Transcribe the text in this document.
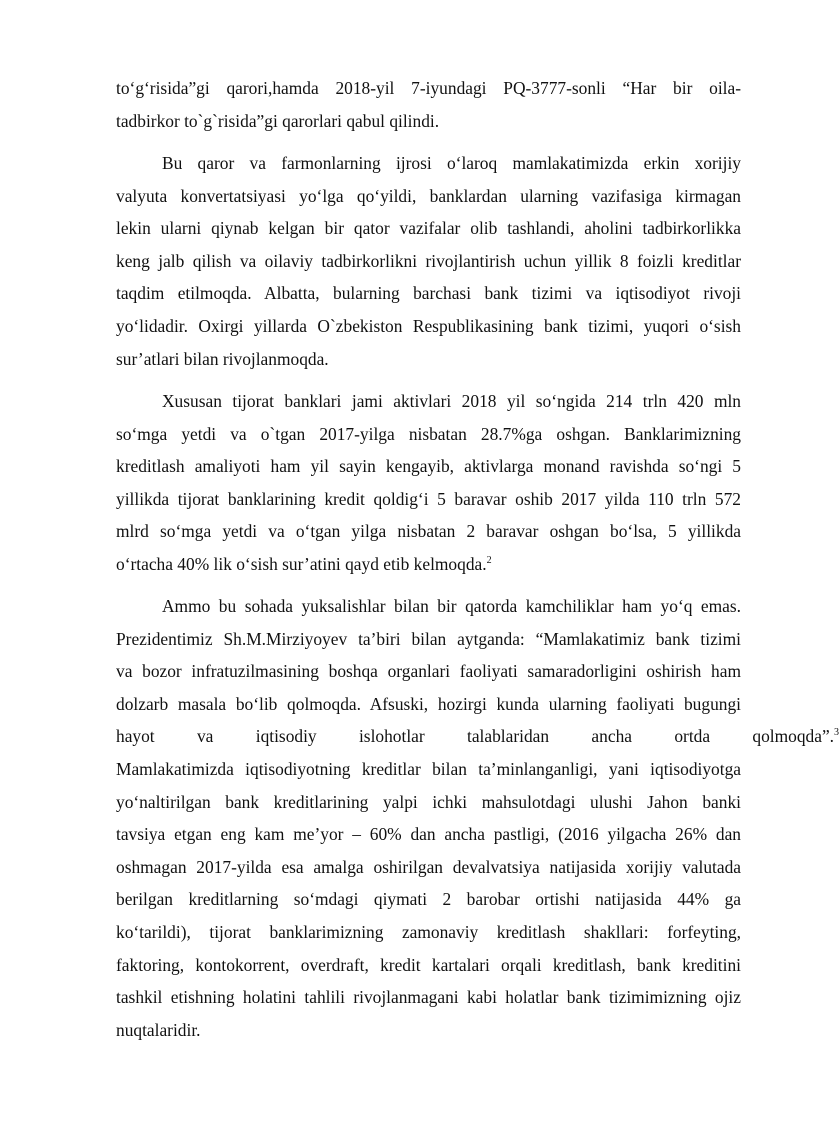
to‘g‘risida”gi qarori,hamda 2018-yil 7-iyundagi PQ-3777-sonli “Har bir oila-
tadbirkor to`g`risida”gi qarorlari qabul qilindi.
Bu qaror va farmonlarning ijrosi o‘laroq mamlakatimizda erkin xorijiy
valyuta konvertatsiyasi yo‘lga qo‘yildi, banklardan ularning vazifasiga kirmagan
lekin ularni qiynab kelgan bir qator vazifalar olib tashlandi, aholini tadbirkorlikka
keng jalb qilish va oilaviy tadbirkorlikni rivojlantirish uchun yillik 8 foizli kreditlar
taqdim etilmoqda. Albatta, bularning barchasi bank tizimi va iqtisodiyot rivoji
yo‘lidadir. Oxirgi yillarda O`zbekiston Respublikasining bank tizimi, yuqori o‘sish
sur’atlari bilan rivojlanmoqda.
Xususan tijorat banklari jami aktivlari 2018 yil so‘ngida 214 trln 420 mln
so‘mga yetdi va o`tgan 2017-yilga nisbatan 28.7%ga oshgan. Banklarimizning
kreditlash amaliyoti ham yil sayin kengayib, aktivlarga monand ravishda so‘ngi 5
yillikda tijorat banklarining kredit qoldig‘i 5 baravar oshib 2017 yilda 110 trln 572
mlrd so‘mga yetdi va o‘tgan yilga nisbatan 2 baravar oshgan bo‘lsa, 5 yillikda
o‘rtacha 40% lik o‘sish sur’atini qayd etib kelmoqda.$^2$
Ammo bu sohada yuksalishlar bilan bir qatorda kamchiliklar ham yo‘q emas.
Prezidentimiz Sh.M.Mirziyoyev ta’biri bilan aytganda: “Mamlakatimiz bank tizimi
va bozor infratuzilmasining boshqa organlari faoliyati samaradorligini oshirish ham
dolzarb masala bo‘lib qolmoqda. Afsuski, hozirgi kunda ularning faoliyati bugungi
hayot va iqtisodiy islohotlar talablaridan ancha ortda qolmoqda”.$^3$
Mamlakatimizda iqtisodiyotning kreditlar bilan ta’minlanganligi, yani iqtisodiyotga
yo‘naltirilgan bank kreditlarining yalpi ichki mahsulotdagi ulushi Jahon banki
tavsiya etgan eng kam me’yor – 60% dan ancha pastligi, (2016 yilgacha 26% dan
oshmagan 2017-yilda esa amalga oshirilgan devalvatsiya natijasida xorijiy valutada
berilgan kreditlarning so‘mdagi qiymati 2 barobar ortishi natijasida 44% ga
ko‘tarildi), tijorat banklarimizning zamonaviy kreditlash shakllari: forfeyting,
faktoring, kontokorrent, overdraft, kredit kartalari orqali kreditlash, bank kreditini
tashkil etishning holatini tahlili rivojlanmagani kabi holatlar bank tizimimizning ojiz
nuqtalaridir.
